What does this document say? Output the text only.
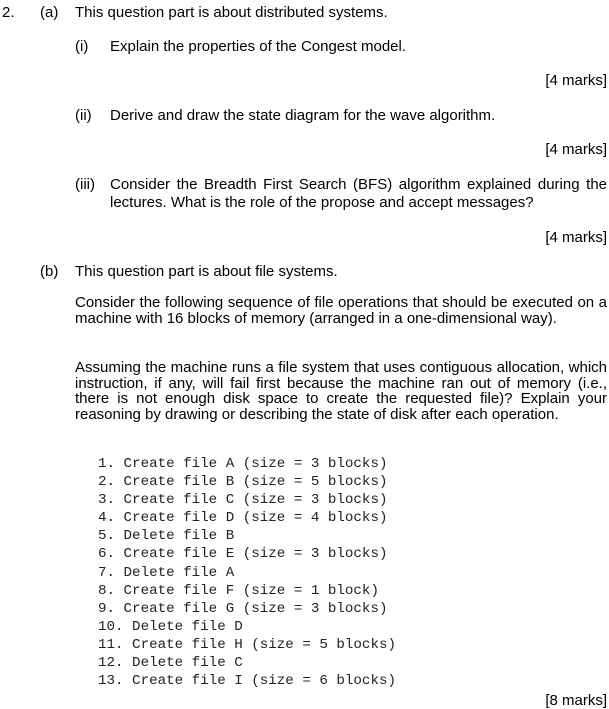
2. (a) This question part is about distributed systems.
(i) Explain the properties of the Congest model.
[4 marks]
(ii) Derive and draw the state diagram for the wave algorithm.
[4 marks]
(iii) Consider the Breadth First Search (BFS) algorithm explained during the lectures. What is the role of the propose and accept messages?
[4 marks]
(b) This question part is about file systems.
Consider the following sequence of file operations that should be executed on a machine with 16 blocks of memory (arranged in a one-dimensional way).
Assuming the machine runs a file system that uses contiguous allocation, which instruction, if any, will fail first because the machine ran out of memory (i.e., there is not enough disk space to create the requested file)? Explain your reasoning by drawing or describing the state of disk after each operation.
1. Create file A (size = 3 blocks)
2. Create file B (size = 5 blocks)
3. Create file C (size = 3 blocks)
4. Create file D (size = 4 blocks)
5. Delete file B
6. Create file E (size = 3 blocks)
7. Delete file A
8. Create file F (size = 1 block)
9. Create file G (size = 3 blocks)
10. Delete file D
11. Create file H (size = 5 blocks)
12. Delete file C
13. Create file I (size = 6 blocks)
[8 marks]
